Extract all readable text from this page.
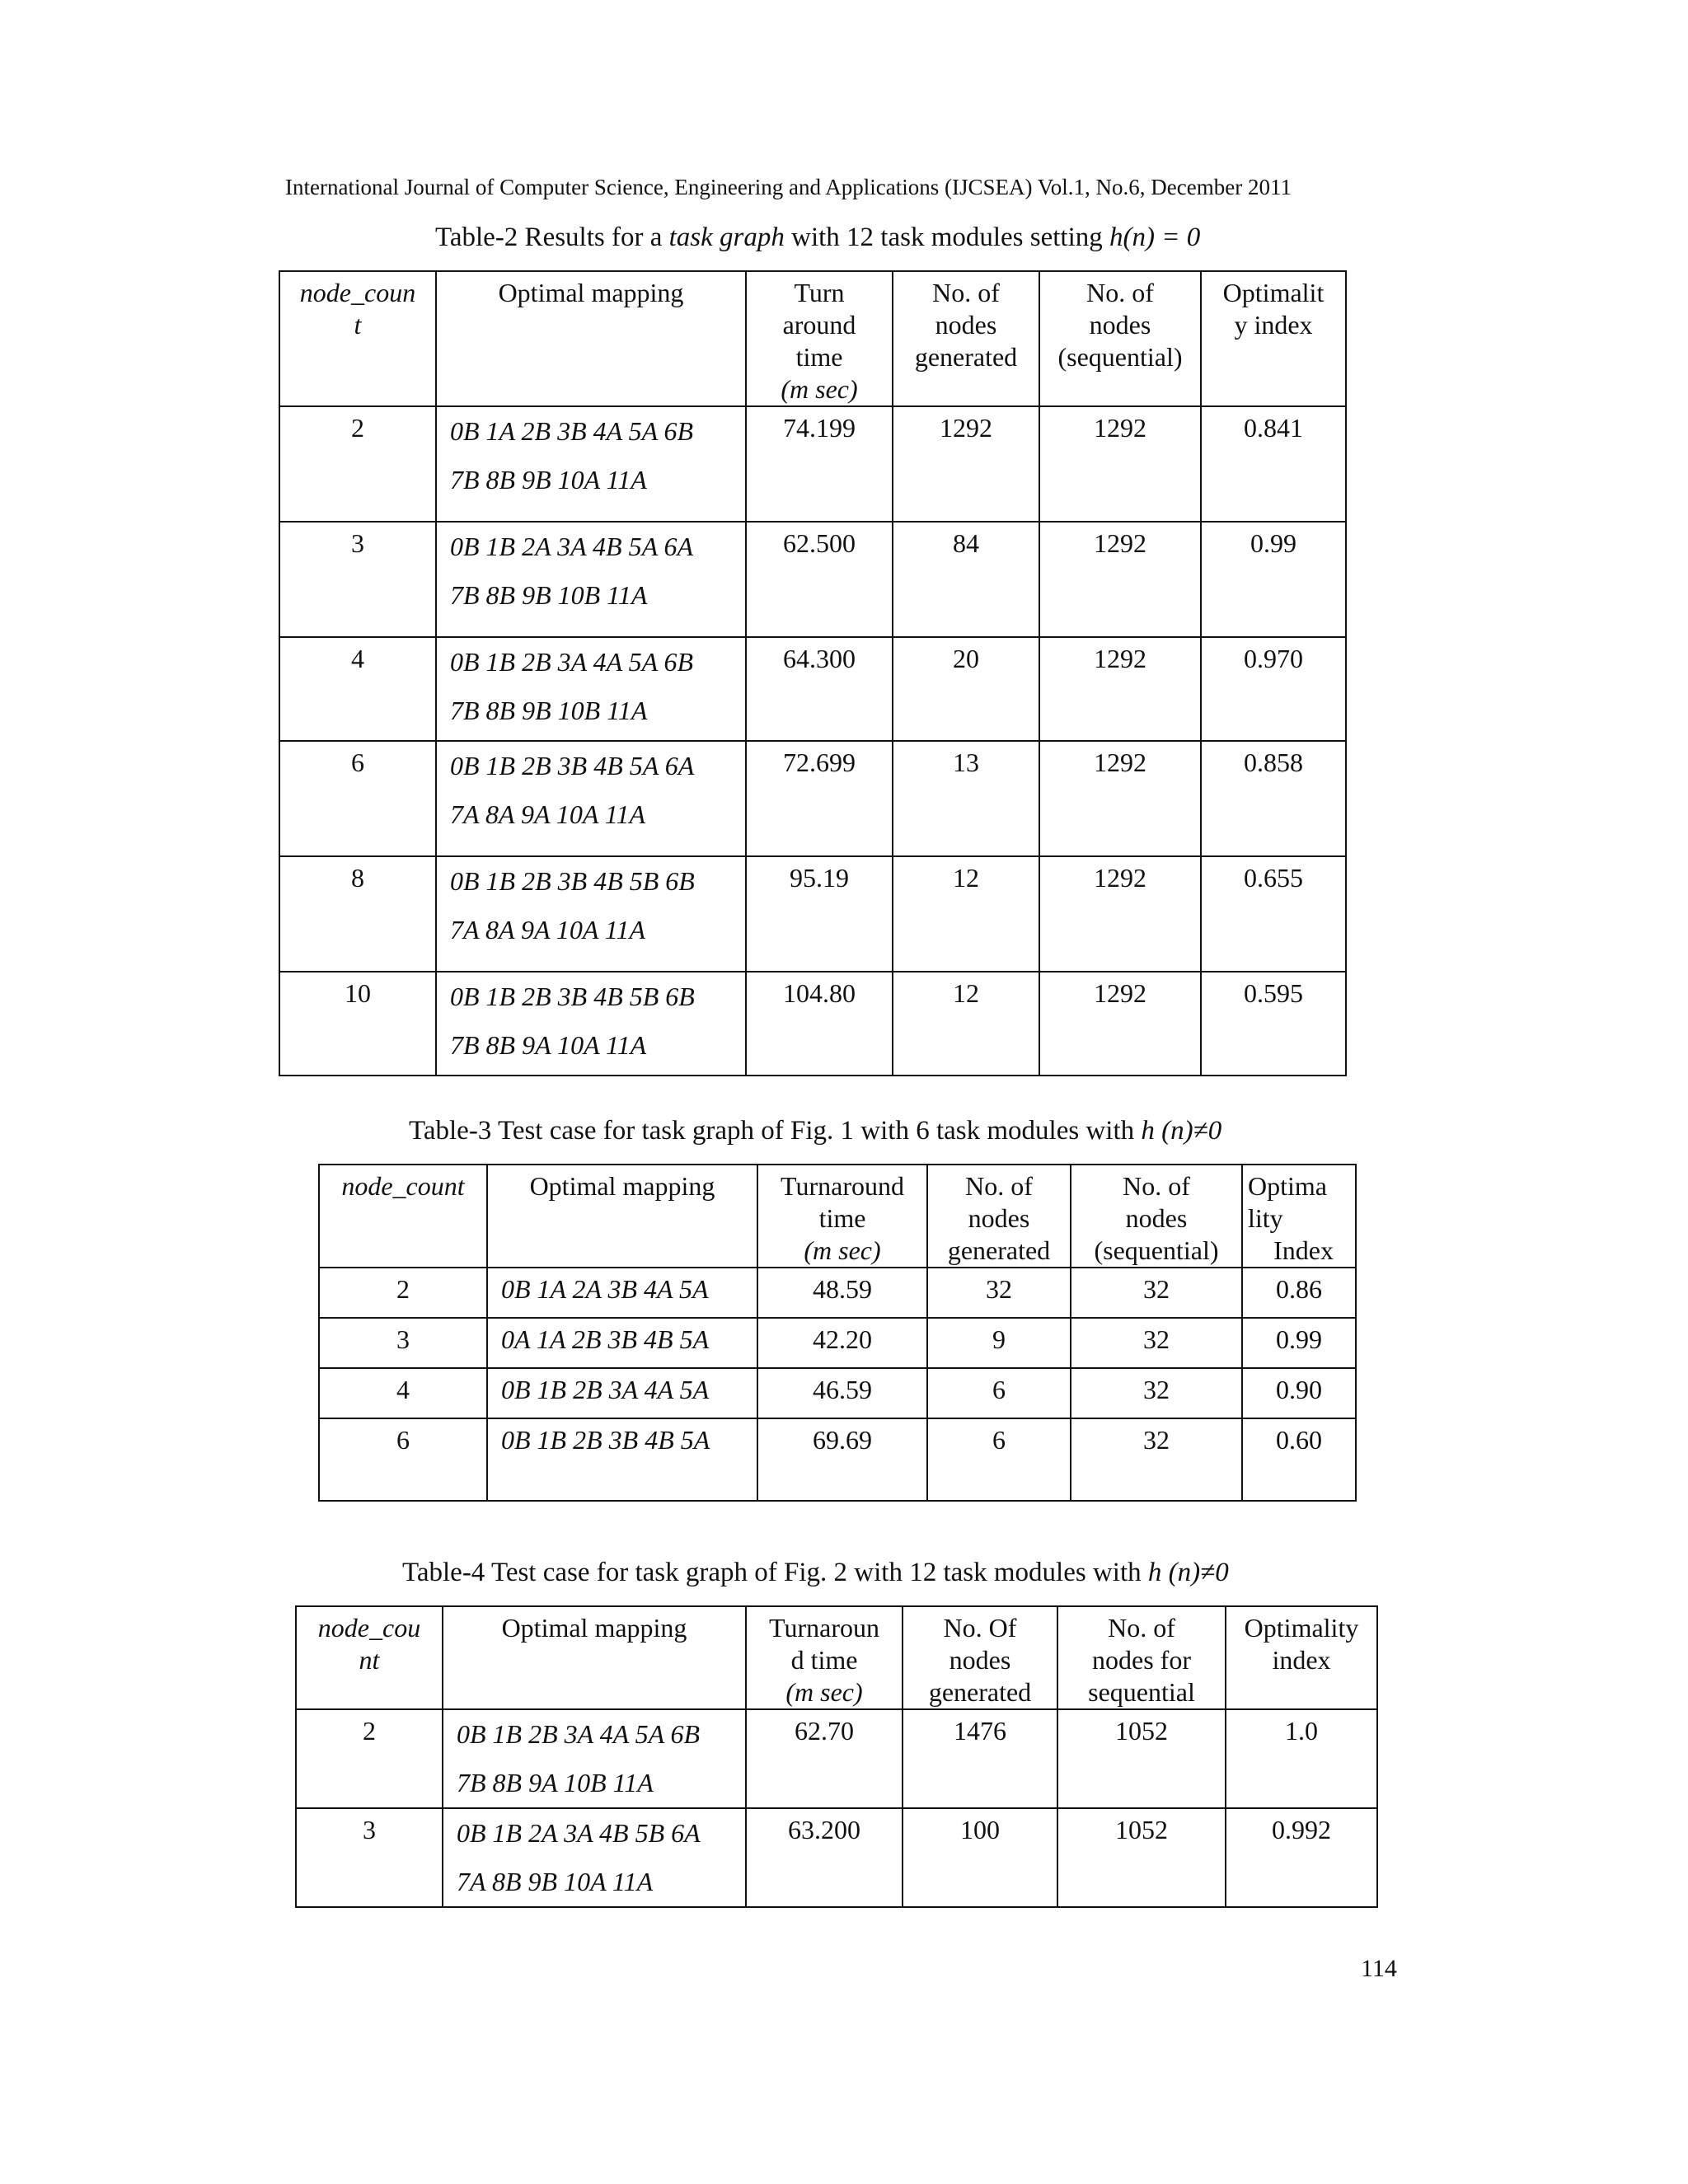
International Journal of Computer Science, Engineering and Applications (IJCSEA) Vol.1, No.6, December 2011
Table-2 Results for a task graph with 12 task modules setting h(n) = 0
node_coun
t	Optimal mapping	Turn
around
time
(m sec)	No. of
nodes
generated	No. of
nodes
(sequential)	Optimalit
y index

2	0B 1A 2B 3B 4A 5A 6B
7B 8B 9B 10A 11A	74.199	1292	1292	0.841
3	0B 1B 2A 3A 4B 5A 6A
7B 8B 9B 10B 11A	62.500	84	1292	0.99
4	0B 1B 2B 3A 4A 5A 6B
7B 8B 9B 10B 11A	64.300	20	1292	0.970
6	0B 1B 2B 3B 4B 5A 6A
7A 8A 9A 10A 11A	72.699	13	1292	0.858
8	0B 1B 2B 3B 4B 5B 6B
7A 8A 9A 10A 11A	95.19	12	1292	0.655
10	0B 1B 2B 3B 4B 5B 6B
7B 8B 9A 10A 11A	104.80	12	1292	0.595
Table-3 Test case for task graph of Fig. 1 with 6 task modules with h (n)≠0
node_count	Optimal mapping	Turnaround
time
(m sec)	No. of
nodes
generated	No. of
nodes
(sequential)	Optima
lity
Index

2	0B 1A 2A 3B 4A 5A	48.59	32	32	0.86
3	0A 1A 2B 3B 4B 5A	42.20	9	32	0.99
4	0B 1B 2B 3A 4A 5A	46.59	6	32	0.90
6	0B 1B 2B 3B 4B 5A	69.69	6	32	0.60
Table-4 Test case for task graph of Fig. 2 with 12 task modules with h (n)≠0
node_cou
nt	Optimal mapping	Turnaroun
d time
(m sec)	No. Of
nodes
generated	No. of
nodes for
sequential	Optimality
index

2	0B 1B 2B 3A 4A 5A 6B
7B 8B 9A 10B 11A	62.70	1476	1052	1.0
3	0B 1B 2A 3A 4B 5B 6A
7A 8B 9B 10A 11A	63.200	100	1052	0.992
114
